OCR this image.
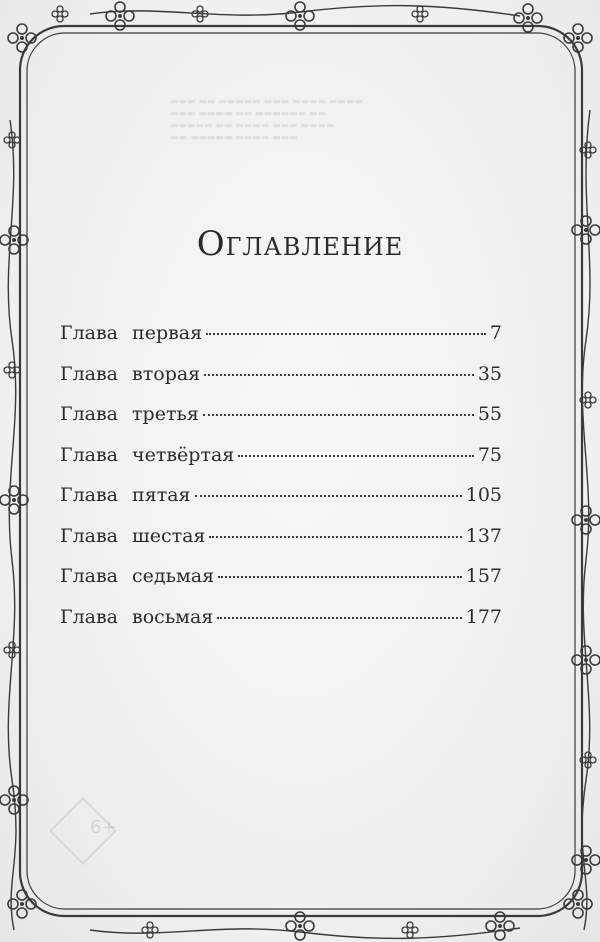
▬▬▬ ▬▬ ▬▬▬▬▬ ▬▬▬ ▬▬▬▬ ▬▬▬▬
▬▬▬ ▬▬▬▬ ▬▬ ▬▬▬▬▬▬ ▬▬
▬▬▬▬▬ ▬▬ ▬▬▬▬ ▬▬▬ ▬▬▬▬
▬▬ ▬▬▬▬▬ ▬▬▬▬ ▬▬▬
6+
Оглавление
Глава первая	7
Глава вторая	35
Глава третья	55
Глава четвёртая	75
Глава пятая	105
Глава шестая	137
Глава седьмая	157
Глава восьмая	177
